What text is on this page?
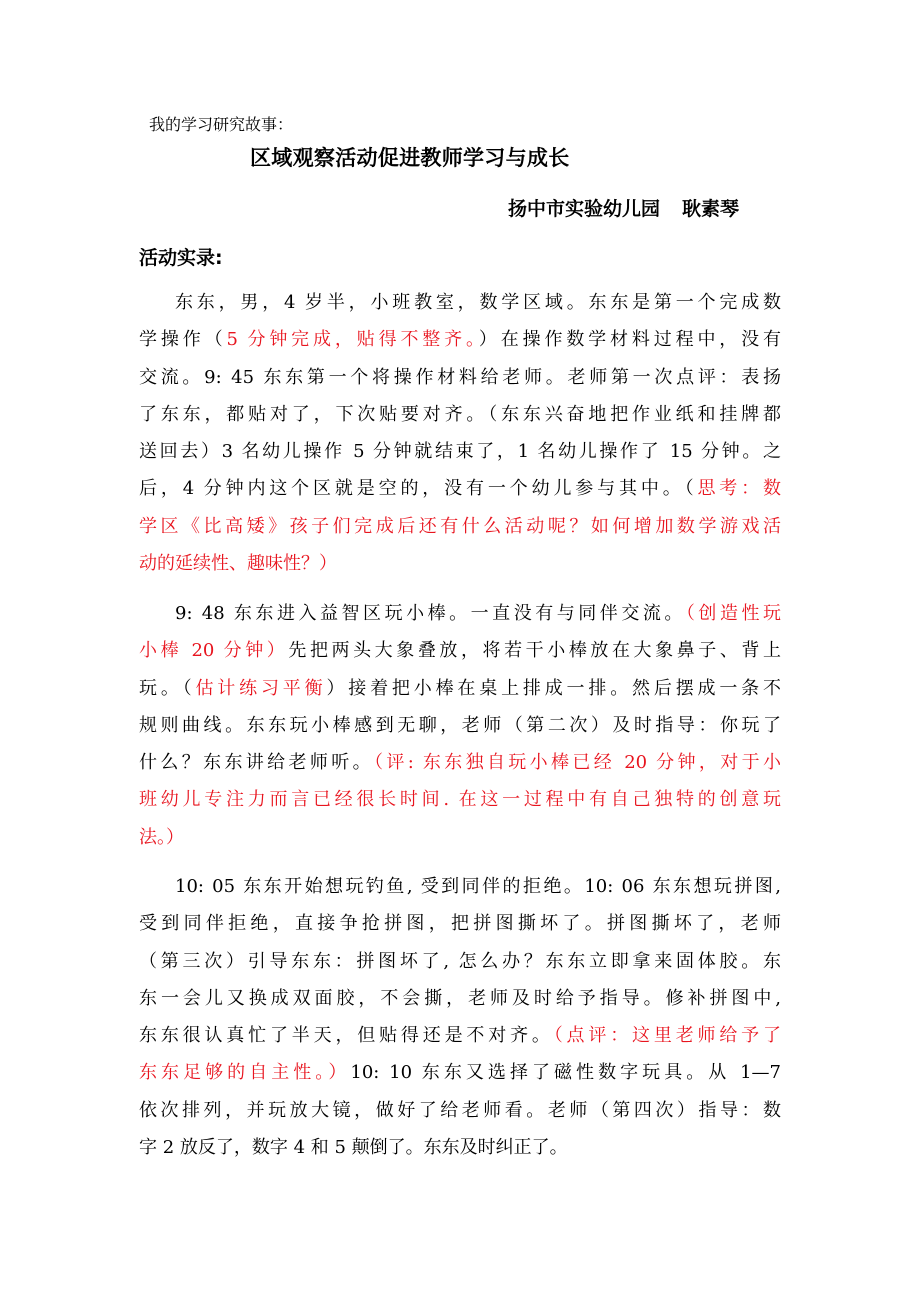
我的学习研究故事：
区域观察活动促进教师学习与成长
扬中市实验幼儿园 耿素琴
活动实录:
东东，男，4 岁半，小班教室，数学区域。东东是第一个完成数
学操作（5 分钟完成，贴得不整齐。）在操作数学材料过程中，没有
交流。9: 45 东东第一个将操作材料给老师。老师第一次点评：表扬
了东东，都贴对了，下次贴要对齐。（东东兴奋地把作业纸和挂牌都
送回去）3 名幼儿操作 5 分钟就结束了，1 名幼儿操作了 15 分钟。之
后，4 分钟内这个区就是空的，没有一个幼儿参与其中。（思考：数
学区《比高矮》孩子们完成后还有什么活动呢？如何增加数学游戏活
动的延续性、趣味性？）
9: 48 东东进入益智区玩小棒。一直没有与同伴交流。（创造性玩
小棒 20 分钟）先把两头大象叠放，将若干小棒放在大象鼻子、背上
玩。（估计练习平衡）接着把小棒在桌上排成一排。然后摆成一条不
规则曲线。东东玩小棒感到无聊，老师（第二次）及时指导：你玩了
什么？东东讲给老师听。（评: 东东独自玩小棒已经 20 分钟，对于小
班幼儿专注力而言已经很长时间. 在这一过程中有自己独特的创意玩
法。）
10: 05 东东开始想玩钓鱼, 受到同伴的拒绝。10: 06 东东想玩拼图,
受到同伴拒绝，直接争抢拼图，把拼图撕坏了。拼图撕坏了，老师
（第三次）引导东东：拼图坏了, 怎么办？东东立即拿来固体胶。东
东一会儿又换成双面胶，不会撕，老师及时给予指导。修补拼图中,
东东很认真忙了半天，但贴得还是不对齐。（点评：这里老师给予了
东东足够的自主性。）10: 10 东东又选择了磁性数字玩具。从 1—7
依次排列，并玩放大镜，做好了给老师看。老师（第四次）指导：数
字 2 放反了，数字 4 和 5 颠倒了。东东及时纠正了。
